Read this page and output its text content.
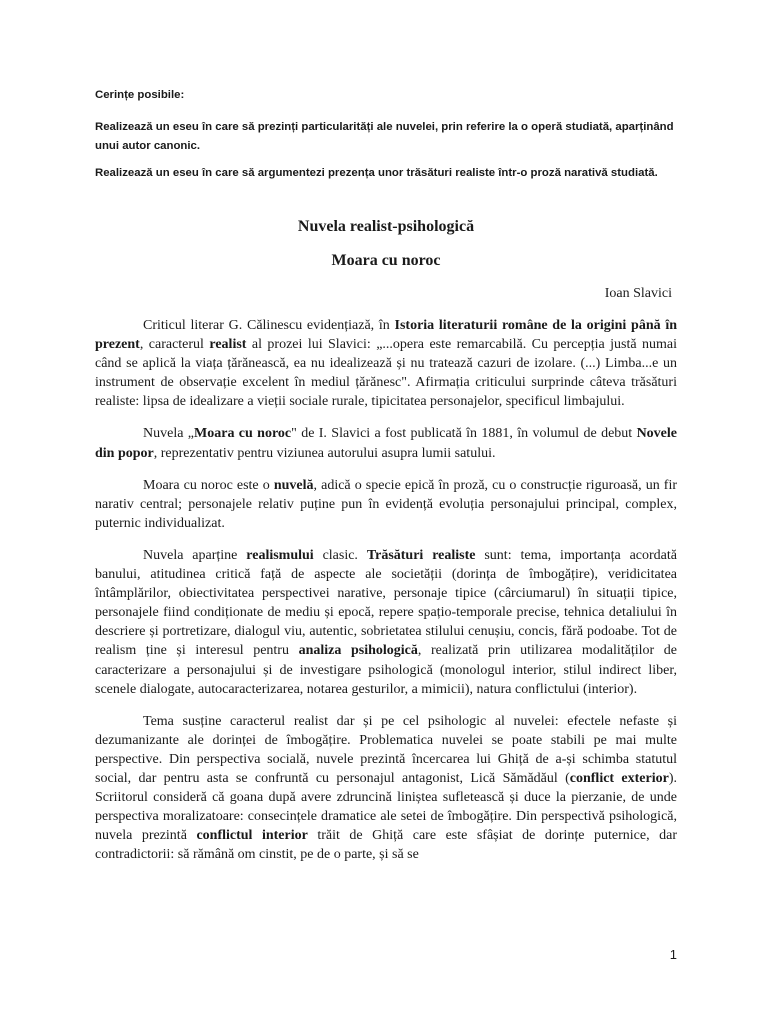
Cerințe posibile:

Realizează un eseu în care să prezinți particularități ale nuvelei, prin referire la o operă studiată, aparținând unui autor canonic.

Realizează un eseu în care să argumentezi prezența unor trăsături realiste într-o proză narativă studiată.

Nuvela realist-psihologică
Moara cu noroc
Ioan Slavici

Criticul literar G. Călinescu evidențiază, în Istoria literaturii române de la origini până în prezent, caracterul realist al prozei lui Slavici: „...opera este remarcabilă. Cu percepția justă numai când se aplică la viața țărănească, ea nu idealizează și nu tratează cazuri de izolare. (...) Limba...e un instrument de observație excelent în mediul țărănesc". Afirmația criticului surprinde câteva trăsături realiste: lipsa de idealizare a vieții sociale rurale, tipicitatea personajelor, specificul limbajului.

Nuvela „Moara cu noroc" de I. Slavici a fost publicată în 1881, în volumul de debut Novele din popor, reprezentativ pentru viziunea autorului asupra lumii satului.

Moara cu noroc este o nuvelă, adică o specie epică în proză, cu o construcție riguroasă, un fir narativ central; personajele relativ puține pun în evidență evoluția personajului principal, complex, puternic individualizat.

Nuvela aparține realismului clasic. Trăsături realiste sunt: tema, importanța acordată banului, atitudinea critică față de aspecte ale societății (dorința de îmbogățire), veridicitatea întâmplărilor, obiectivitatea perspectivei narative, personaje tipice (cârciumarul) în situații tipice, personajele fiind condiționate de mediu și epocă, repere spațio-temporale precise, tehnica detaliului în descriere și portretizare, dialogul viu, autentic, sobrietatea stilului cenușiu, concis, fără podoabe. Tot de realism ține și interesul pentru analiza psihologică, realizată prin utilizarea modalităților de caracterizare a personajului și de investigare psihologică (monologul interior, stilul indirect liber, scenele dialogate, autocaracterizarea, notarea gesturilor, a mimicii), natura conflictului (interior).

Tema susține caracterul realist dar și pe cel psihologic al nuvelei: efectele nefaste și dezumanizante ale dorinței de îmbogățire. Problematica nuvelei se poate stabili pe mai multe perspective. Din perspectiva socială, nuvele prezintă încercarea lui Ghiță de a-și schimba statutul social, dar pentru asta se confruntă cu personajul antagonist, Lică Sămădăul (conflict exterior). Scriitorul consideră că goana după avere zdruncină liniștea sufletească și duce la pierzanie, de unde perspectiva moralizatoare: consecințele dramatice ale setei de îmbogățire. Din perspectivă psihologică, nuvela prezintă conflictul interior trăit de Ghiță care este sfâșiat de dorințe puternice, dar contradictorii: să rămână om cinstit, pe de o parte, și să se

1
